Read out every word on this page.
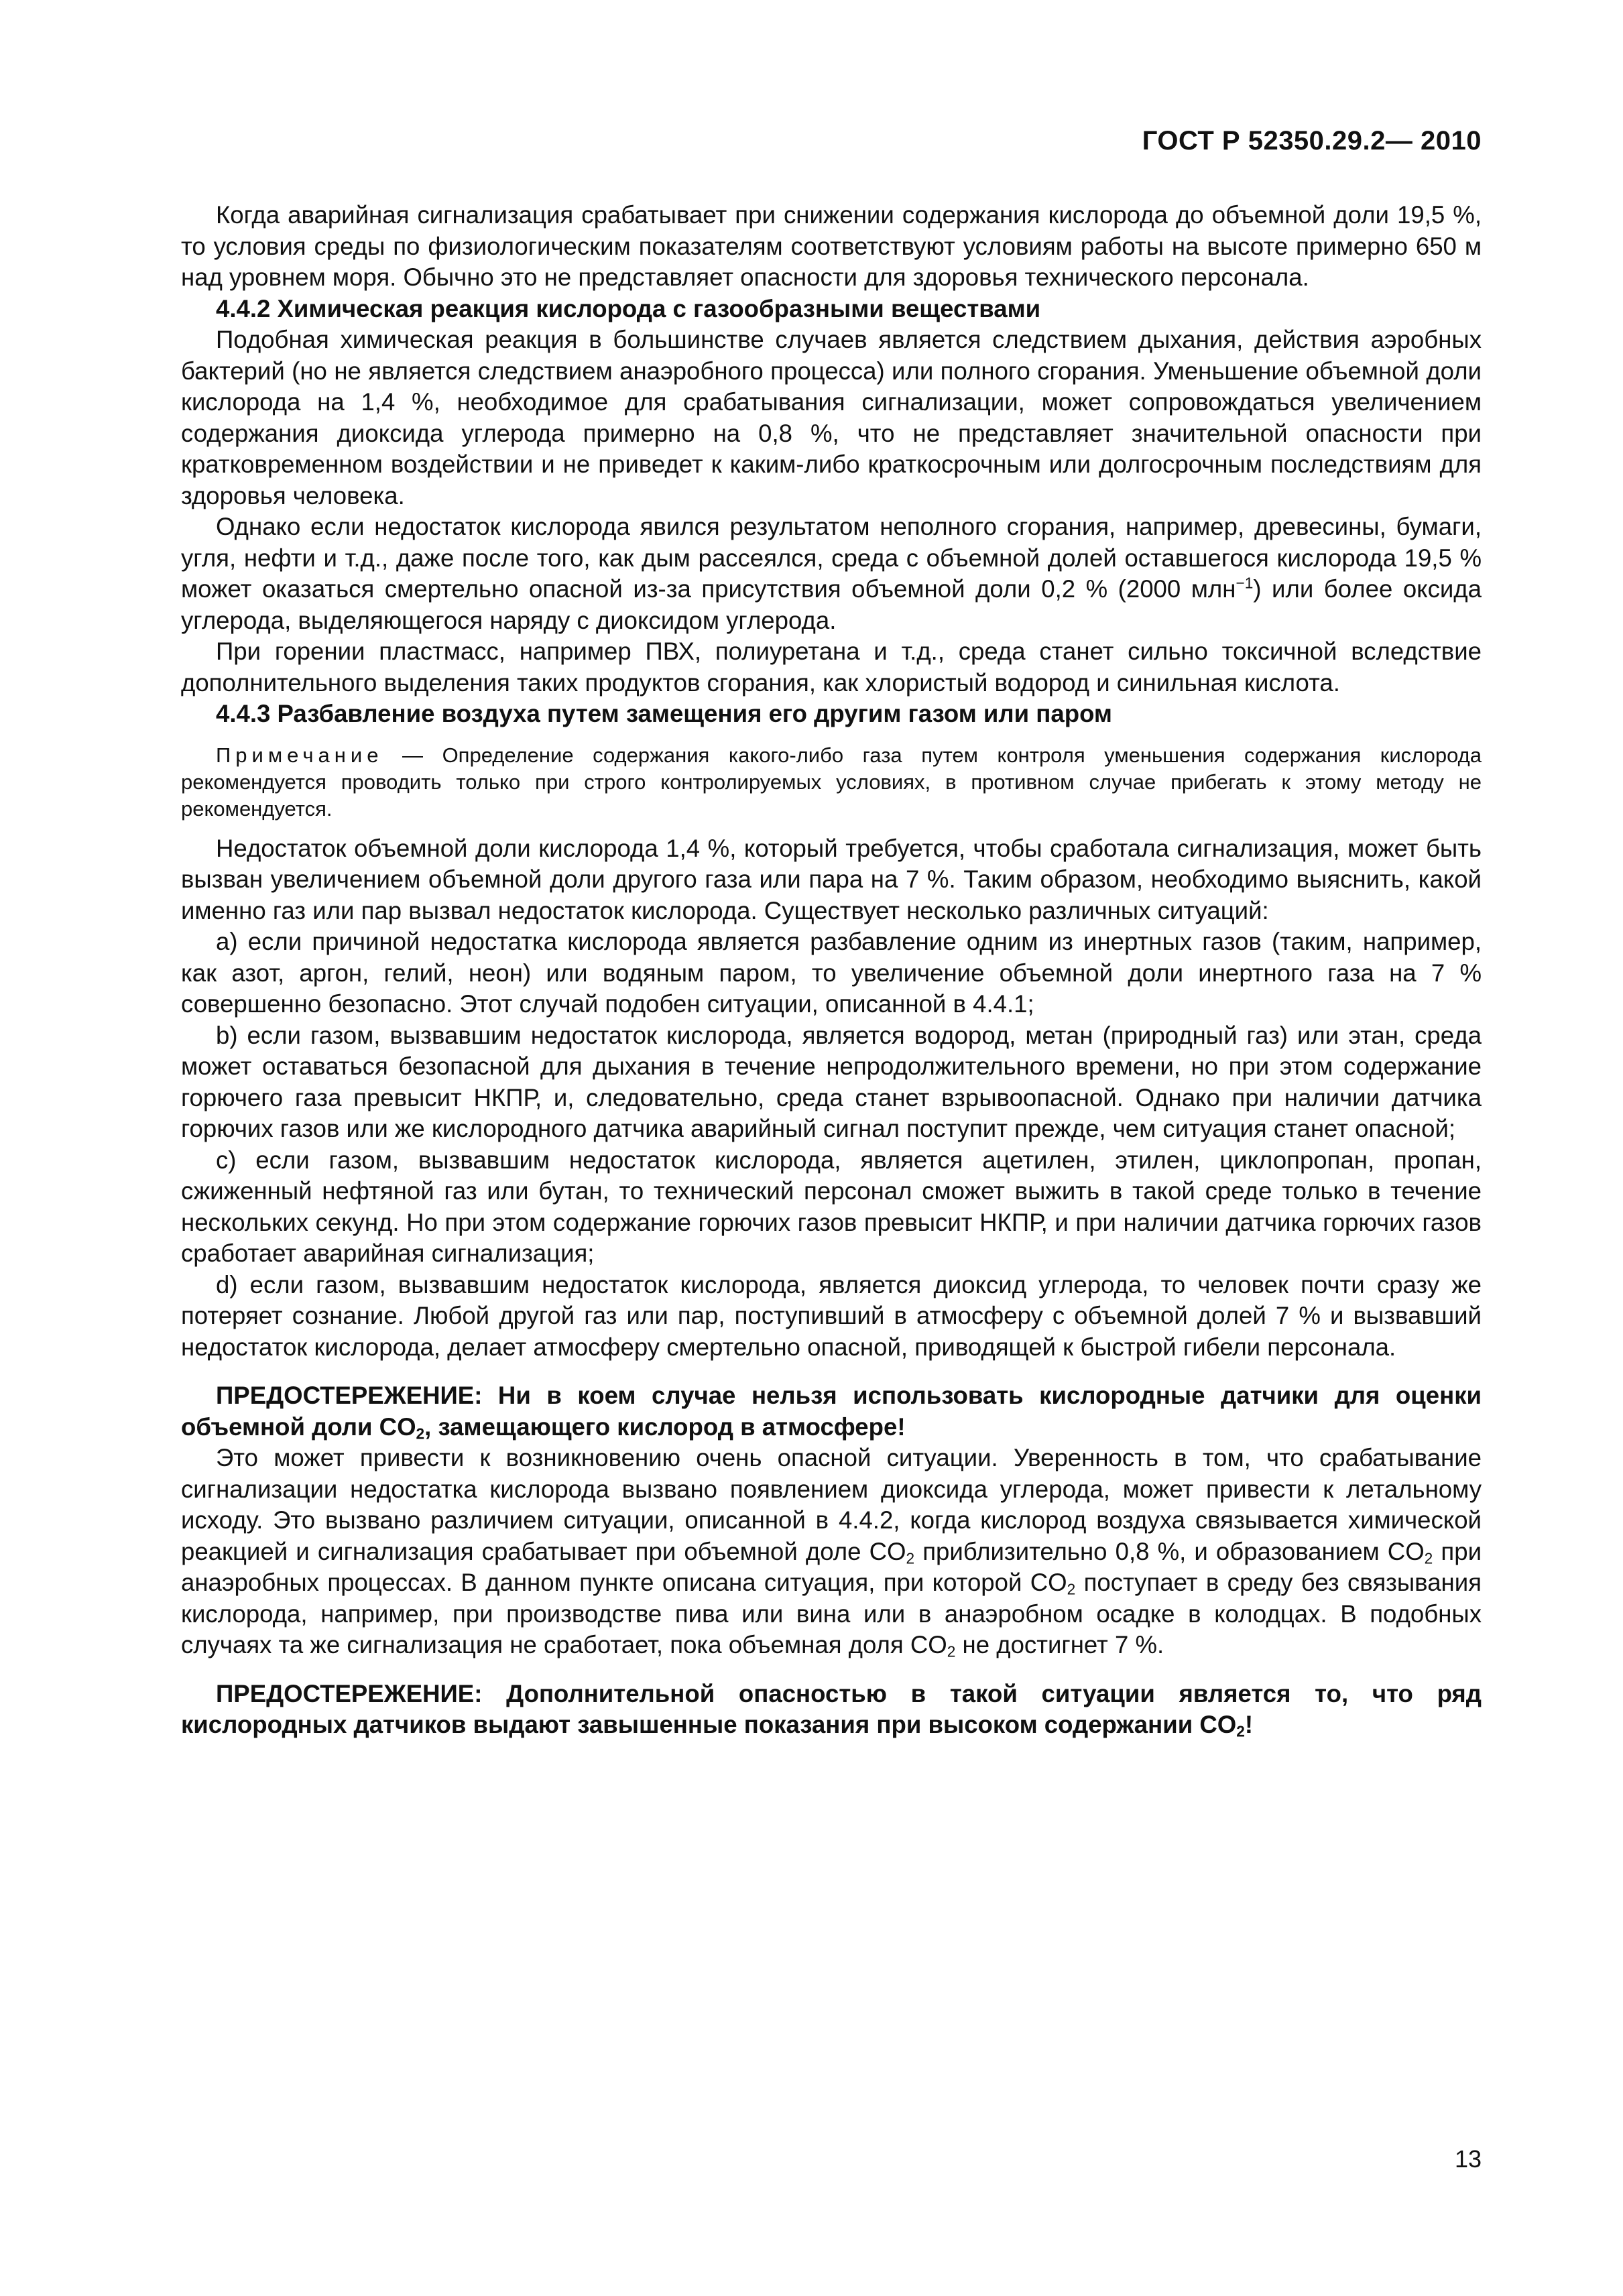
ГОСТ Р 52350.29.2— 2010

Когда аварийная сигнализация срабатывает при снижении содержания кислорода до объемной доли 19,5 %, то условия среды по физиологическим показателям соответствуют условиям работы на высоте примерно 650 м над уровнем моря. Обычно это не представляет опасности для здоровья технического персонала.

4.4.2 Химическая реакция кислорода с газообразными веществами

Подобная химическая реакция в большинстве случаев является следствием дыхания, действия аэробных бактерий (но не является следствием анаэробного процесса) или полного сгорания. Уменьшение объемной доли кислорода на 1,4 %, необходимое для срабатывания сигнализации, может сопровождаться увеличением содержания диоксида углерода примерно на 0,8 %, что не представляет значительной опасности при кратковременном воздействии и не приведет к каким-либо краткосрочным или долгосрочным последствиям для здоровья человека.

Однако если недостаток кислорода явился результатом неполного сгорания, например, древесины, бумаги, угля, нефти и т.д., даже после того, как дым рассеялся, среда с объемной долей оставшегося кислорода 19,5 % может оказаться смертельно опасной из-за присутствия объемной доли 0,2 % (2000 млн$^{-1}$) или более оксида углерода, выделяющегося наряду с диоксидом углерода.

При горении пластмасс, например ПВХ, полиуретана и т.д., среда станет сильно токсичной вследствие дополнительного выделения таких продуктов сгорания, как хлористый водород и синильная кислота.

4.4.3 Разбавление воздуха путем замещения его другим газом или паром

Примечание — Определение содержания какого-либо газа путем контроля уменьшения содержания кислорода рекомендуется проводить только при строго контролируемых условиях, в противном случае прибегать к этому методу не рекомендуется.

Недостаток объемной доли кислорода 1,4 %, который требуется, чтобы сработала сигнализация, может быть вызван увеличением объемной доли другого газа или пара на 7 %. Таким образом, необходимо выяснить, какой именно газ или пар вызвал недостаток кислорода. Существует несколько различных ситуаций:

a) если причиной недостатка кислорода является разбавление одним из инертных газов (таким, например, как азот, аргон, гелий, неон) или водяным паром, то увеличение объемной доли инертного газа на 7 % совершенно безопасно. Этот случай подобен ситуации, описанной в 4.4.1;

b) если газом, вызвавшим недостаток кислорода, является водород, метан (природный газ) или этан, среда может оставаться безопасной для дыхания в течение непродолжительного времени, но при этом содержание горючего газа превысит НКПР, и, следовательно, среда станет взрывоопасной. Однако при наличии датчика горючих газов или же кислородного датчика аварийный сигнал поступит прежде, чем ситуация станет опасной;

c) если газом, вызвавшим недостаток кислорода, является ацетилен, этилен, циклопропан, пропан, сжиженный нефтяной газ или бутан, то технический персонал сможет выжить в такой среде только в течение нескольких секунд. Но при этом содержание горючих газов превысит НКПР, и при наличии датчика горючих газов сработает аварийная сигнализация;

d) если газом, вызвавшим недостаток кислорода, является диоксид углерода, то человек почти сразу же потеряет сознание. Любой другой газ или пар, поступивший в атмосферу с объемной долей 7 % и вызвавший недостаток кислорода, делает атмосферу смертельно опасной, приводящей к быстрой гибели персонала.

ПРЕДОСТЕРЕЖЕНИЕ: Ни в коем случае нельзя использовать кислородные датчики для оценки объемной доли $CO_2$, замещающего кислород в атмосфере!

Это может привести к возникновению очень опасной ситуации. Уверенность в том, что срабатывание сигнализации недостатка кислорода вызвано появлением диоксида углерода, может привести к летальному исходу. Это вызвано различием ситуации, описанной в 4.4.2, когда кислород воздуха связывается химической реакцией и сигнализация срабатывает при объемной доле $CO_2$ приблизительно 0,8 %, и образованием $CO_2$ при анаэробных процессах. В данном пункте описана ситуация, при которой $CO_2$ поступает в среду без связывания кислорода, например, при производстве пива или вина или в анаэробном осадке в колодцах. В подобных случаях та же сигнализация не сработает, пока объемная доля $CO_2$ не достигнет 7 %.

ПРЕДОСТЕРЕЖЕНИЕ: Дополнительной опасностью в такой ситуации является то, что ряд кислородных датчиков выдают завышенные показания при высоком содержании $CO_2$!

13
